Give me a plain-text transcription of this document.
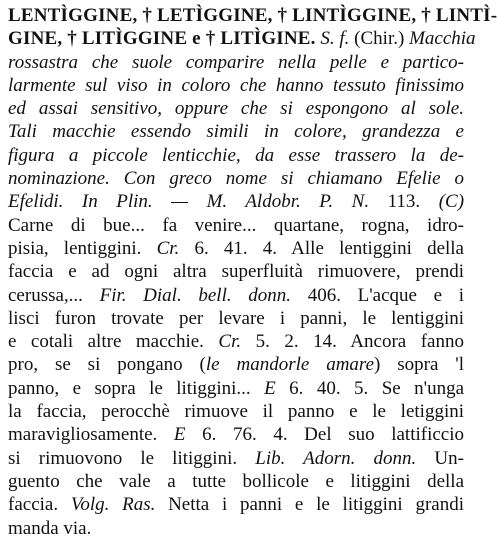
LENTÌGGINE, † LETÌGGINE, † LINTÌGGINE, † LINTÌ-
GINE, † LITÌGGINE e † LITÌGINE. S. f. (Chir.) Macchia
rossastra che suole comparire nella pelle e partico-
larmente sul viso in coloro che hanno tessuto finissimo
ed assai sensitivo, oppure che si espongono al sole.
Tali macchie essendo simili in colore, grandezza e
figura a piccole lenticchie, da esse trassero la de-
nominazione. Con greco nome si chiamano Efelie o
Efelidi. In Plin. — M. Aldobr. P. N. 113. (C)
Carne di bue... fa venire... quartane, rogna, idro-
pisia, lentiggini. Cr. 6. 41. 4. Alle lentiggini della
faccia e ad ogni altra superfluità rimuovere, prendi
cerussa,... Fir. Dial. bell. donn. 406. L'acque e i
lisci furon trovate per levare i panni, le lentiggini
e cotali altre macchie. Cr. 5. 2. 14. Ancora fanno
pro, se si pongano (le mandorle amare) sopra 'l
panno, e sopra le litiggini... E 6. 40. 5. Se n'unga
la faccia, perocchè rimuove il panno e le letiggini
maravigliosamente. E 6. 76. 4. Del suo lattificcio
si rimuovono le litiggini. Lib. Adorn. donn. Un-
guento che vale a tutte bollicole e litiggini della
faccia. Volg. Ras. Netta i panni e le litiggini grandi
manda via.
